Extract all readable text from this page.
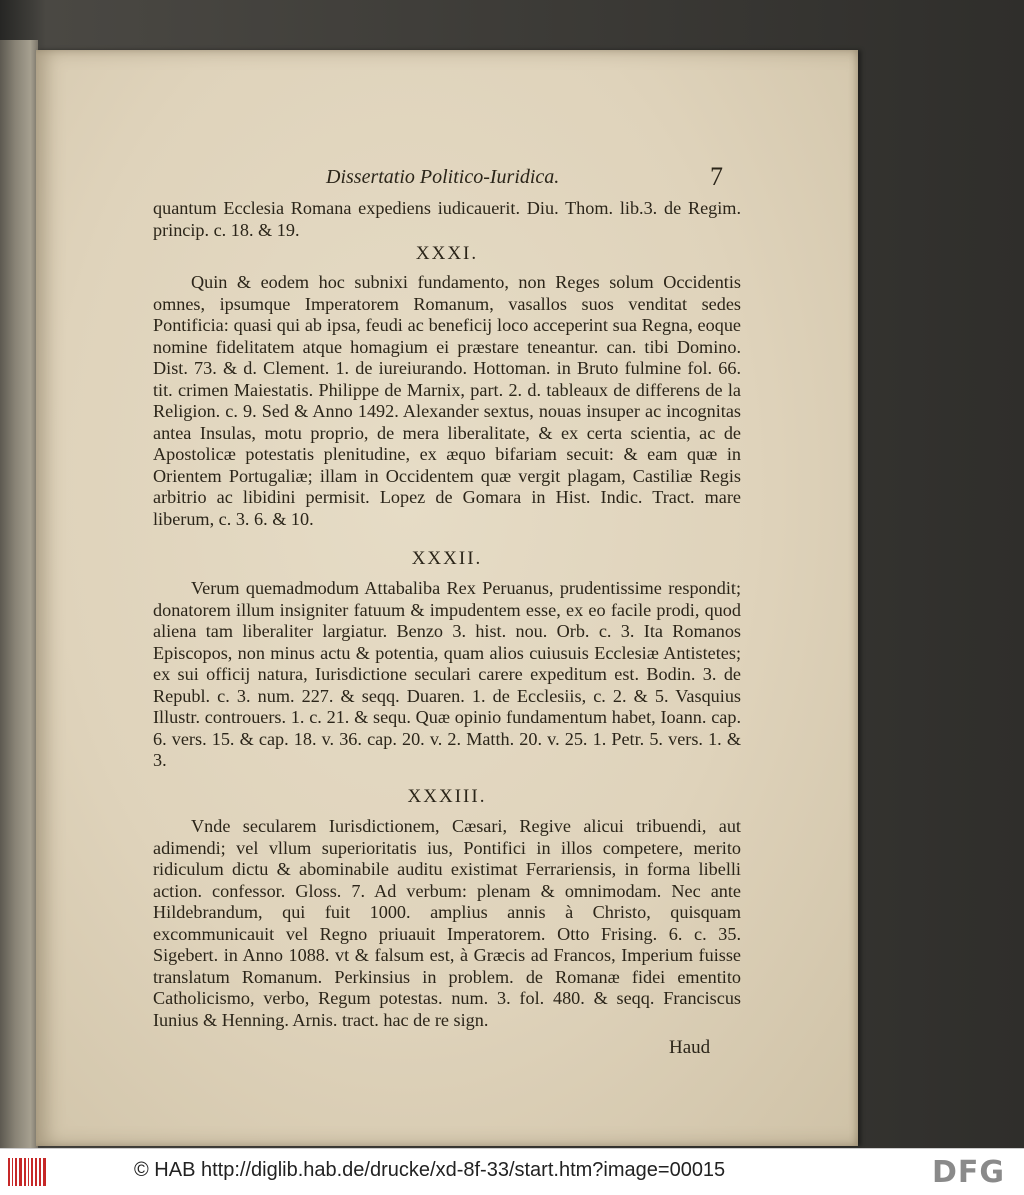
Dissertatio Politico-Iuridica.	7

quantum Ecclesia Romana expediens iudicauerit. Diu. Thom. lib.3. de Regim. princip. c. 18. & 19.

XXXI.

Quin & eodem hoc subnixi fundamento, non Reges solum Occidentis omnes, ipsumque Imperatorem Romanum, vasallos suos venditat sedes Pontificia: quasi qui ab ipsa, feudi ac beneficij loco acceperint sua Regna, eoque nomine fidelitatem atque homagium ei præstare teneantur. can. tibi Domino. Dist. 73. & d. Clement. 1. de iureiurando. Hottoman. in Bruto fulmine fol. 66. tit. crimen Maiestatis. Philippe de Marnix, part. 2. d. tableaux de differens de la Religion. c. 9. Sed & Anno 1492. Alexander sextus, nouas insuper ac incognitas antea Insulas, motu proprio, de mera liberalitate, & ex certa scientia, ac de Apostolicæ potestatis plenitudine, ex æquo bifariam secuit: & eam quæ in Orientem Portugaliæ; illam in Occidentem quæ vergit plagam, Castiliæ Regis arbitrio ac libidini permisit. Lopez de Gomara in Hist. Indic. Tract. mare liberum, c. 3. 6. & 10.

XXXII.

Verum quemadmodum Attabaliba Rex Peruanus, prudentissime respondit; donatorem illum insigniter fatuum & impudentem esse, ex eo facile prodi, quod aliena tam liberaliter largiatur. Benzo 3. hist. nou. Orb. c. 3. Ita Romanos Episcopos, non minus actu & potentia, quam alios cuiusuis Ecclesiæ Antistetes; ex sui officij natura, Iurisdictione seculari carere expeditum est. Bodin. 3. de Republ. c. 3. num. 227. & seqq. Duaren. 1. de Ecclesiis, c. 2. & 5. Vasquius Illustr. controuers. 1. c. 21. & sequ. Quæ opinio fundamentum habet, Ioann. cap. 6. vers. 15. & cap. 18. v. 36. cap. 20. v. 2. Matth. 20. v. 25. 1. Petr. 5. vers. 1. & 3.

XXXIII.

Vnde secularem Iurisdictionem, Cæsari, Regive alicui tribuendi, aut adimendi; vel vllum superioritatis ius, Pontifici in illos competere, merito ridiculum dictu & abominabile auditu existimat Ferrariensis, in forma libelli action. confessor. Gloss. 7. Ad verbum: plenam & omnimodam. Nec ante Hildebrandum, qui fuit 1000. amplius annis à Christo, quisquam excommunicauit vel Regno priuauit Imperatorem. Otto Frising. 6. c. 35. Sigebert. in Anno 1088. vt & falsum est, à Græcis ad Francos, Imperium fuisse translatum Romanum. Perkinsius in problem. de Romanæ fidei ementito Catholicismo, verbo, Regum potestas. num. 3. fol. 480. & seqq. Franciscus Iunius & Henning. Arnis. tract. hac de re sign.

Haud
© HAB http://diglib.hab.de/drucke/xd-8f-33/start.htm?image=00015	DFG
